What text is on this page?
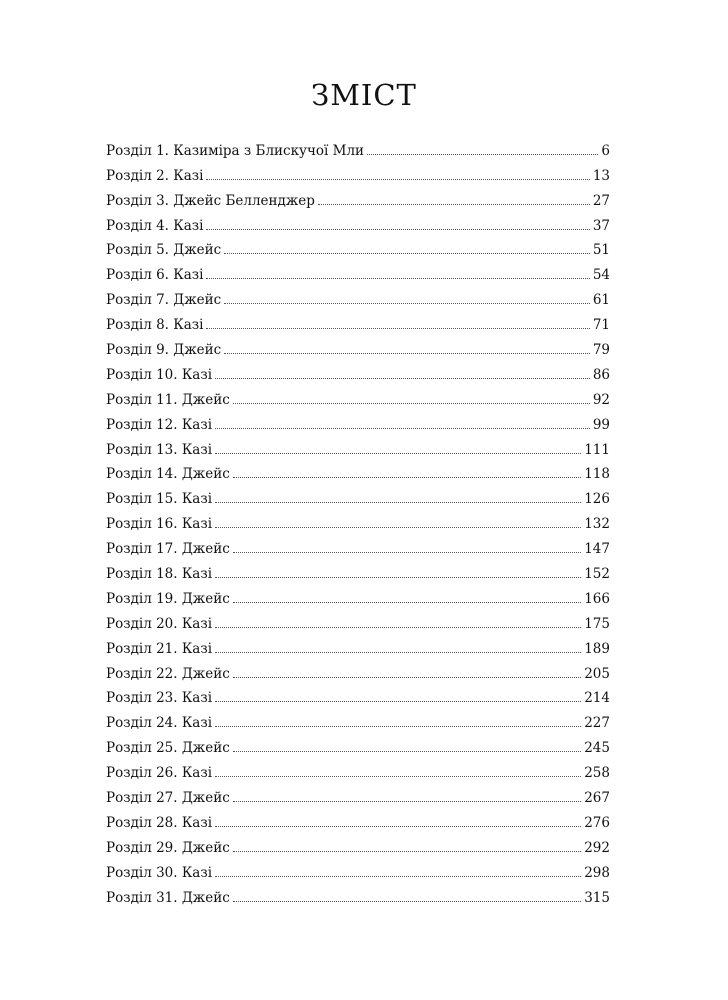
ЗМІСТ
Розділ 1. Казиміра з Блискучої Мли	6
Розділ 2. Казі	13
Розділ 3. Джейс Белленджер	27
Розділ 4. Казі	37
Розділ 5. Джейс	51
Розділ 6. Казі	54
Розділ 7. Джейс	61
Розділ 8. Казі	71
Розділ 9. Джейс	79
Розділ 10. Казі	86
Розділ 11. Джейс	92
Розділ 12. Казі	99
Розділ 13. Казі	111
Розділ 14. Джейс	118
Розділ 15. Казі	126
Розділ 16. Казі	132
Розділ 17. Джейс	147
Розділ 18. Казі	152
Розділ 19. Джейс	166
Розділ 20. Казі	175
Розділ 21. Казі	189
Розділ 22. Джейс	205
Розділ 23. Казі	214
Розділ 24. Казі	227
Розділ 25. Джейс	245
Розділ 26. Казі	258
Розділ 27. Джейс	267
Розділ 28. Казі	276
Розділ 29. Джейс	292
Розділ 30. Казі	298
Розділ 31. Джейс	315
